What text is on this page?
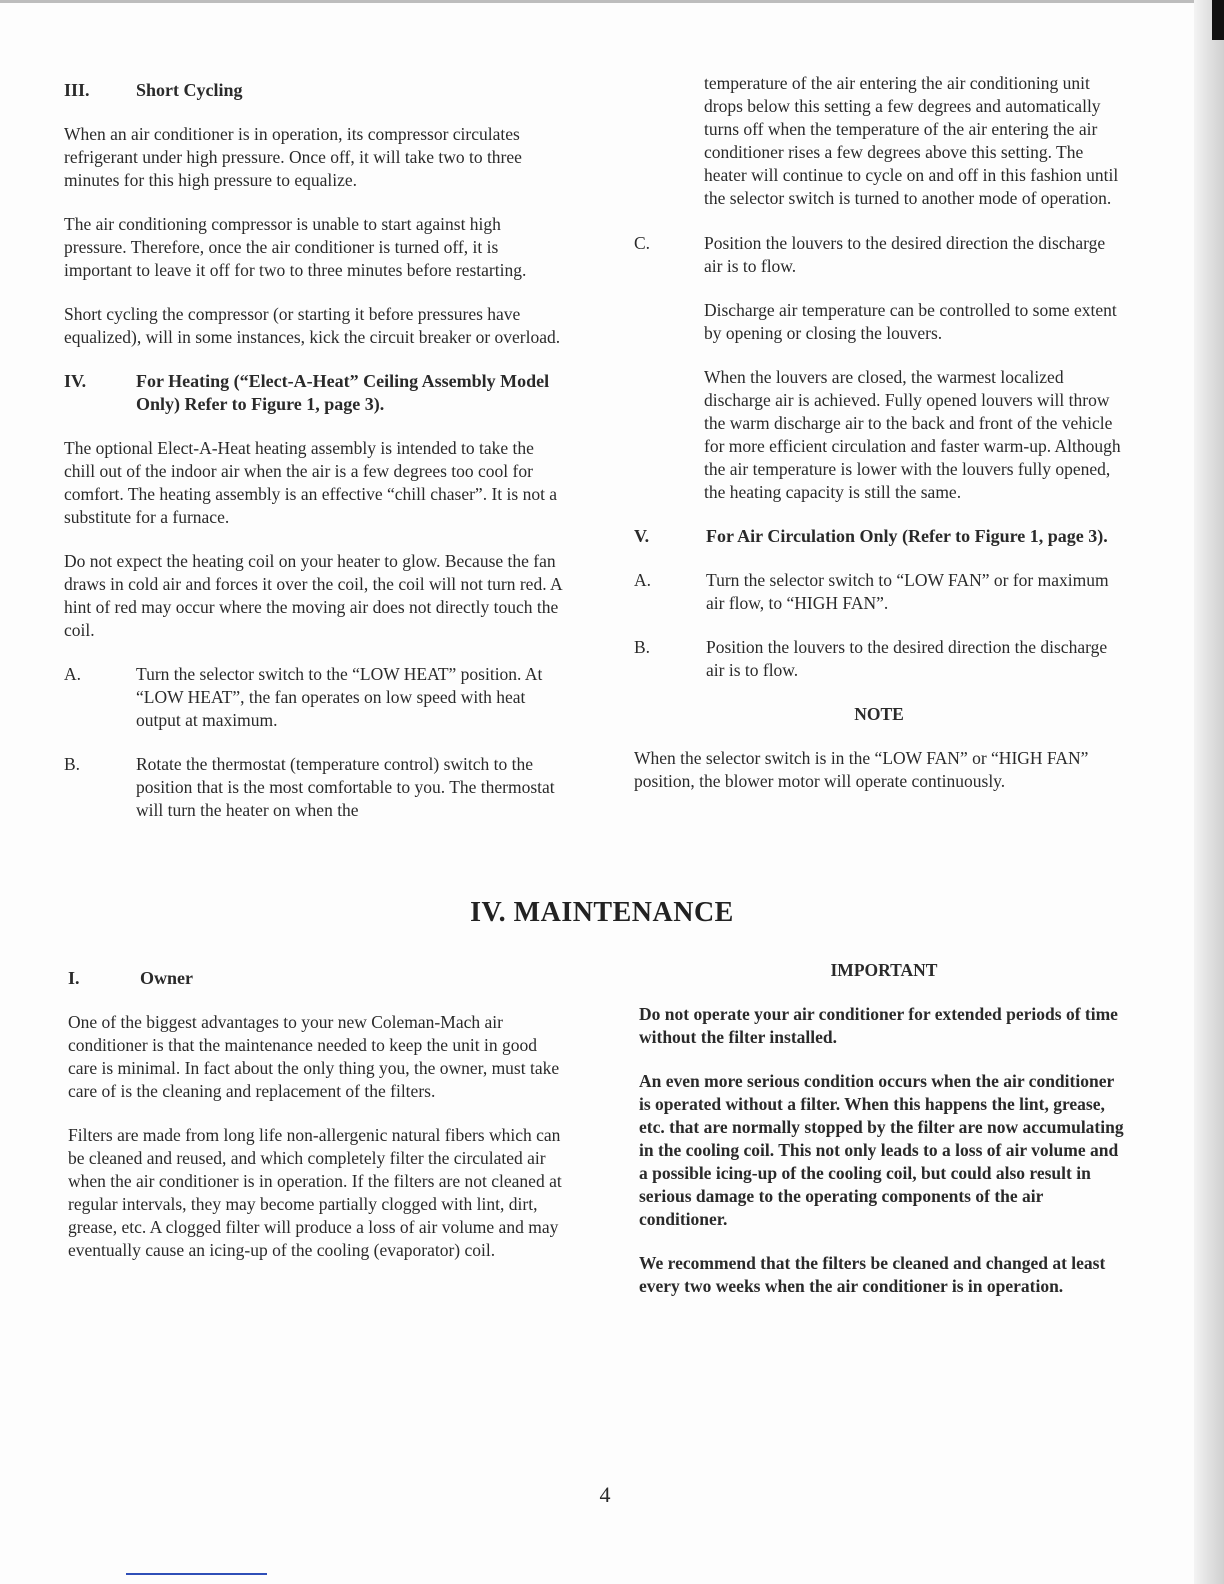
III.	Short Cycling

When an air conditioner is in operation, its compressor circulates refrigerant under high pressure. Once off, it will take two to three minutes for this high pressure to equalize.

The air conditioning compressor is unable to start against high pressure. Therefore, once the air conditioner is turned off, it is important to leave it off for two to three minutes before restarting.

Short cycling the compressor (or starting it before pressures have equalized), will in some instances, kick the circuit breaker or overload.

IV.	For Heating (“Elect-A-Heat” Ceiling Assembly Model Only) Refer to Figure 1, page 3).

The optional Elect-A-Heat heating assembly is intended to take the chill out of the indoor air when the air is a few degrees too cool for comfort. The heating assembly is an effective “chill chaser”. It is not a substitute for a furnace.

Do not expect the heating coil on your heater to glow. Because the fan draws in cold air and forces it over the coil, the coil will not turn red. A hint of red may occur where the moving air does not directly touch the coil.

A.	Turn the selector switch to the “LOW HEAT” position. At “LOW HEAT”, the fan operates on low speed with heat output at maximum.
B.	Rotate the thermostat (temperature control) switch to the position that is the most comfortable to you. The thermostat will turn the heater on when the

temperature of the air entering the air conditioning unit drops below this setting a few degrees and automatically turns off when the temperature of the air entering the air conditioner rises a few degrees above this setting. The heater will continue to cycle on and off in this fashion until the selector switch is turned to another mode of operation.

C.	Position the louvers to the desired direction the discharge air is to flow.

Discharge air temperature can be controlled to some extent by opening or closing the louvers.

When the louvers are closed, the warmest localized discharge air is achieved. Fully opened louvers will throw the warm discharge air to the back and front of the vehicle for more efficient circulation and faster warm-up. Although the air temperature is lower with the louvers fully opened, the heating capacity is still the same.

V.	For Air Circulation Only (Refer to Figure 1, page 3).
A.	Turn the selector switch to “LOW FAN” or for maximum air flow, to “HIGH FAN”.
B.	Position the louvers to the desired direction the discharge air is to flow.

NOTE

When the selector switch is in the “LOW FAN” or “HIGH FAN” position, the blower motor will operate continuously.

IV. MAINTENANCE
I.	Owner

One of the biggest advantages to your new Coleman-Mach air conditioner is that the maintenance needed to keep the unit in good care is minimal. In fact about the only thing you, the owner, must take care of is the cleaning and replacement of the filters.

Filters are made from long life non-allergenic natural fibers which can be cleaned and reused, and which completely filter the circulated air when the air conditioner is in operation. If the filters are not cleaned at regular intervals, they may become partially clogged with lint, dirt, grease, etc. A clogged filter will produce a loss of air volume and may eventually cause an icing-up of the cooling (evaporator) coil.

IMPORTANT

Do not operate your air conditioner for extended periods of time without the filter installed.

An even more serious condition occurs when the air conditioner is operated without a filter. When this happens the lint, grease, etc. that are normally stopped by the filter are now accumulating in the cooling coil. This not only leads to a loss of air volume and a possible icing-up of the cooling coil, but could also result in serious damage to the operating components of the air conditioner.

We recommend that the filters be cleaned and changed at least every two weeks when the air conditioner is in operation.

4
